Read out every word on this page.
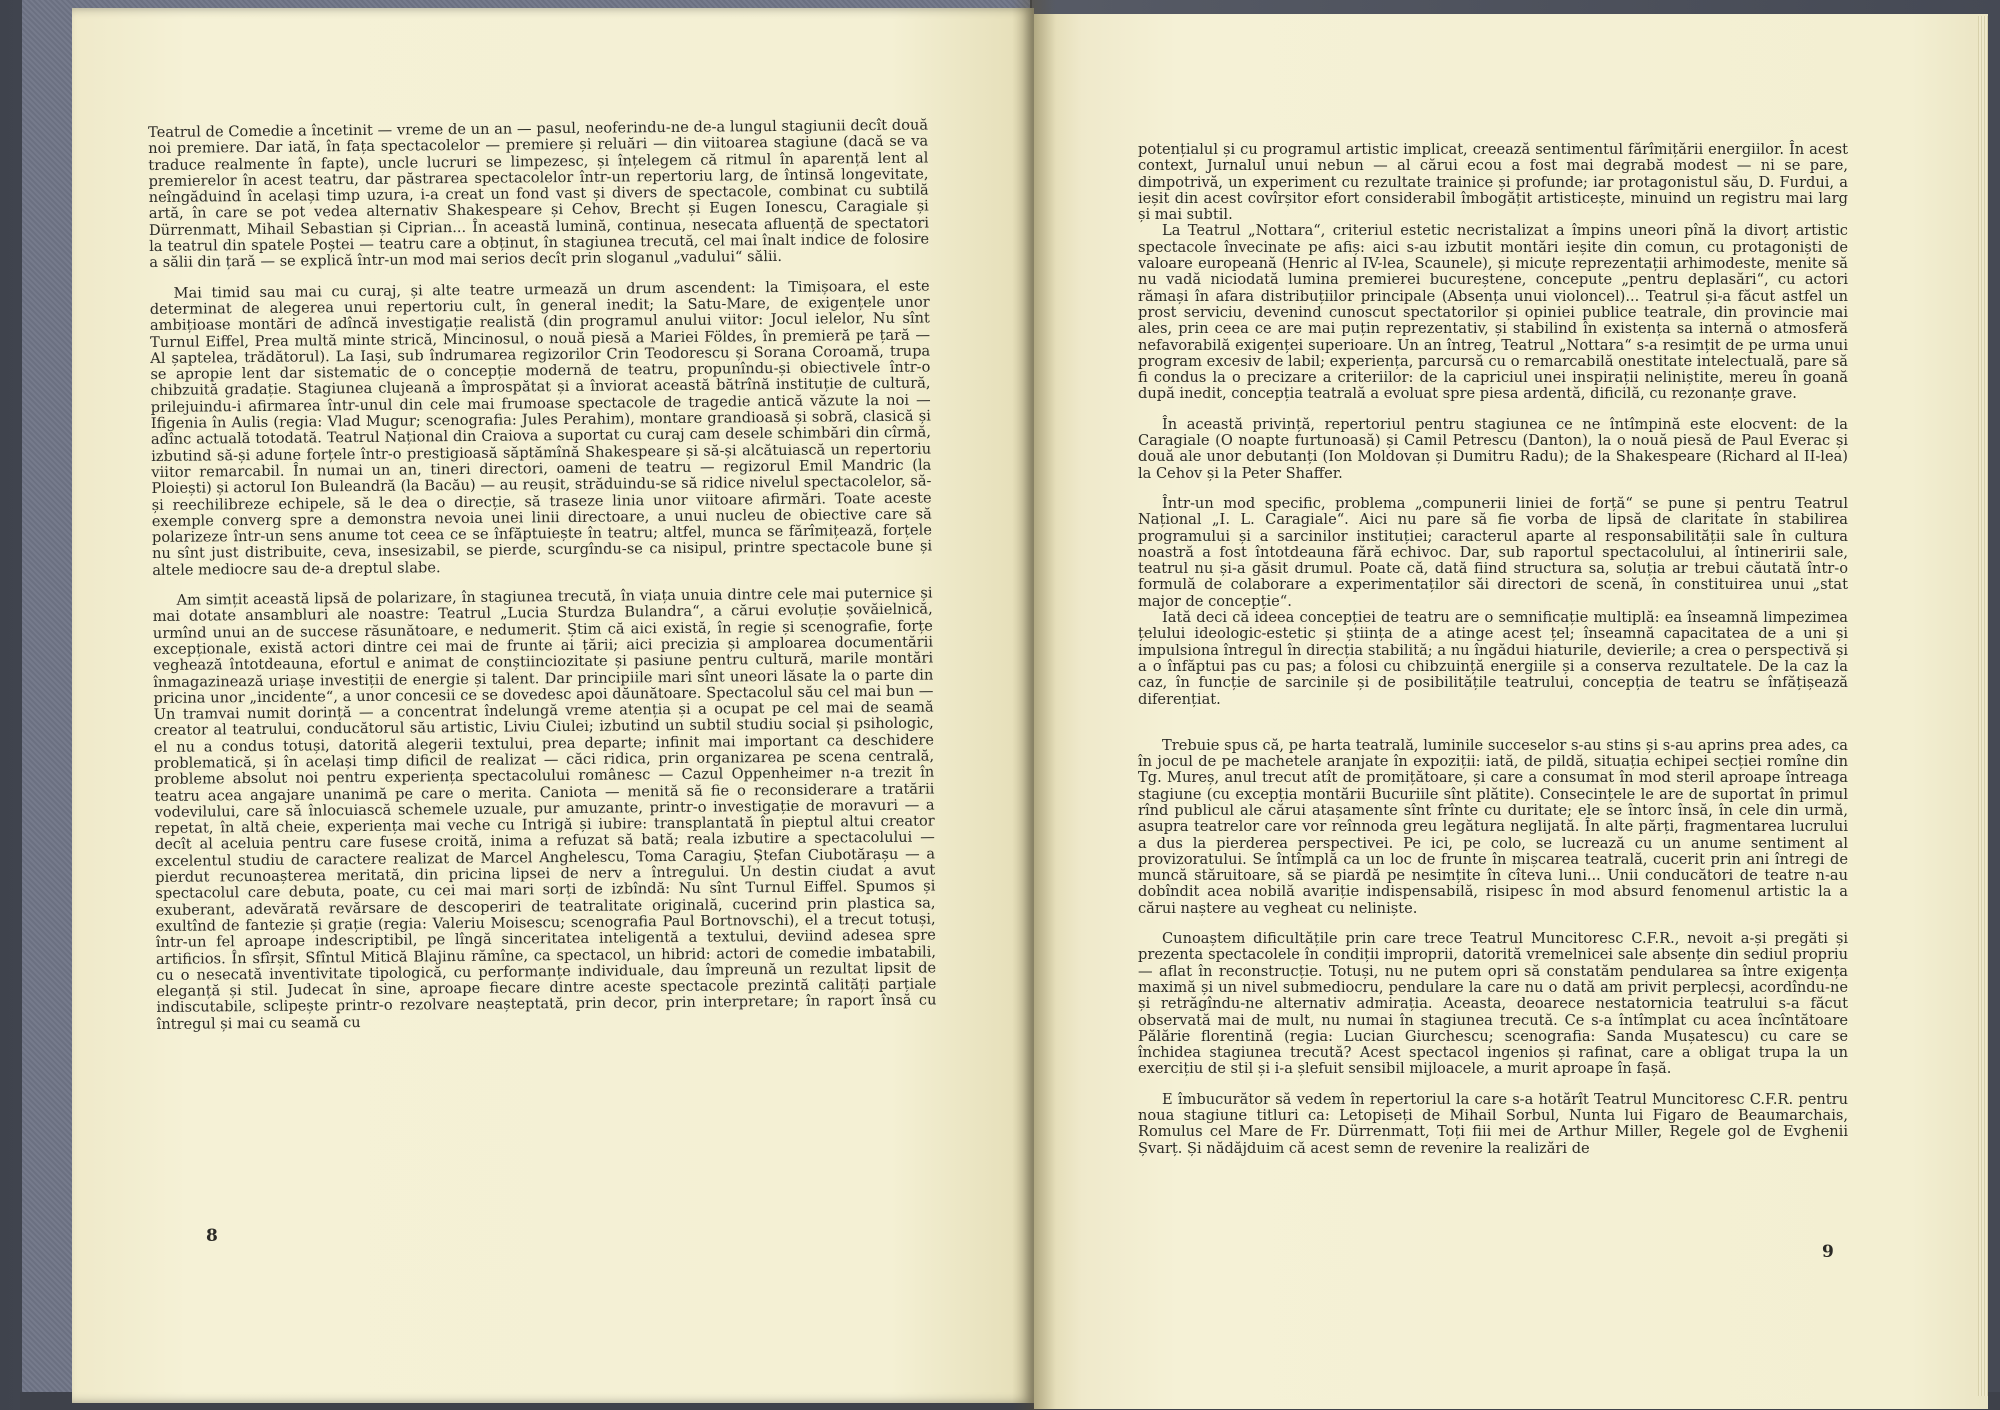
Teatrul de Comedie a încetinit — vreme de un an — pasul, neoferindu-ne de-a lungul stagiunii decît două noi premiere. Dar iată, în fața spectacolelor — premiere și reluări — din viitoarea stagiune (dacă se va traduce realmente în fapte), uncle lucruri se limpezesc, și înțelegem că ritmul în aparență lent al premierelor în acest teatru, dar păstrarea spectacolelor într-un repertoriu larg, de întinsă longevitate, neîngăduind în același timp uzura, i-a creat un fond vast și divers de spectacole, combinat cu subtilă artă, în care se pot vedea alternativ Shakespeare și Cehov, Brecht și Eugen Ionescu, Caragiale și Dürrenmatt, Mihail Sebastian și Ciprian... În această lumină, continua, nesecata afluență de spectatori la teatrul din spatele Poștei — teatru care a obținut, în stagiunea trecută, cel mai înalt indice de folosire a sălii din țară — se explică într-un mod mai serios decît prin sloganul „vadului“ sălii.

Mai timid sau mai cu curaj, și alte teatre urmează un drum ascendent: la Timișoara, el este determinat de alegerea unui repertoriu cult, în general inedit; la Satu-Mare, de exigențele unor ambițioase montări de adîncă investigație realistă (din programul anului viitor: Jocul ielelor, Nu sînt Turnul Eiffel, Prea multă minte strică, Mincinosul, o nouă piesă a Mariei Földes, în premieră pe țară — Al șaptelea, trădătorul). La Iași, sub îndrumarea regizorilor Crin Teodorescu și Sorana Coroamă, trupa se apropie lent dar sistematic de o concepție modernă de teatru, propunîndu-și obiectivele într-o chibzuită gradație. Stagiunea clujeană a împrospătat și a înviorat această bătrînă instituție de cultură, prilejuindu-i afirmarea într-unul din cele mai frumoase spectacole de tragedie antică văzute la noi — Ifigenia în Aulis (regia: Vlad Mugur; scenografia: Jules Perahim), montare grandioasă și sobră, clasică și adînc actuală totodată. Teatrul Național din Craiova a suportat cu curaj cam desele schimbări din cîrmă, izbutind să-și adune forțele într-o prestigioasă săptămînă Shakespeare și să-și alcătuiască un repertoriu viitor remarcabil. În numai un an, tineri directori, oameni de teatru — regizorul Emil Mandric (la Ploiești) și actorul Ion Buleandră (la Bacău) — au reușit, străduindu-se să ridice nivelul spectacolelor, să-și reechilibreze echipele, să le dea o direcție, să traseze linia unor viitoare afirmări. Toate aceste exemple converg spre a demonstra nevoia unei linii directoare, a unui nucleu de obiective care să polarizeze într-un sens anume tot ceea ce se înfăptuiește în teatru; altfel, munca se fărîmițează, forțele nu sînt just distribuite, ceva, insesizabil, se pierde, scurgîndu-se ca nisipul, printre spectacole bune și altele mediocre sau de-a dreptul slabe.

Am simțit această lipsă de polarizare, în stagiunea trecută, în viața unuia dintre cele mai puternice și mai dotate ansambluri ale noastre: Teatrul „Lucia Sturdza Bulandra“, a cărui evoluție șovăielnică, urmînd unui an de succese răsunătoare, e nedumerit. Știm că aici există, în regie și scenografie, forțe excepționale, există actori dintre cei mai de frunte ai țării; aici precizia și amploarea documentării veghează întotdeauna, efortul e animat de conștiinciozitate și pasiune pentru cultură, marile montări înmagazinează uriașe investiții de energie și talent. Dar principiile mari sînt uneori lăsate la o parte din pricina unor „incidente“, a unor concesii ce se dovedesc apoi dăunătoare. Spectacolul său cel mai bun — Un tramvai numit dorință — a concentrat îndelungă vreme atenția și a ocupat pe cel mai de seamă creator al teatrului, conducătorul său artistic, Liviu Ciulei; izbutind un subtil studiu social și psihologic, el nu a condus totuși, datorită alegerii textului, prea departe; infinit mai important ca deschidere problematică, și în același timp dificil de realizat — căci ridica, prin organizarea pe scena centrală, probleme absolut noi pentru experiența spectacolului românesc — Cazul Oppenheimer n-a trezit în teatru acea angajare unanimă pe care o merita. Caniota — menită să fie o reconsiderare a tratării vodevilului, care să înlocuiască schemele uzuale, pur amuzante, printr-o investigație de moravuri — a repetat, în altă cheie, experiența mai veche cu Intrigă și iubire: transplantată în pieptul altui creator decît al aceluia pentru care fusese croită, inima a refuzat să bată; reala izbutire a spectacolului — excelentul studiu de caractere realizat de Marcel Anghelescu, Toma Caragiu, Ștefan Ciubotărașu — a pierdut recunoașterea meritată, din pricina lipsei de nerv a întregului. Un destin ciudat a avut spectacolul care debuta, poate, cu cei mai mari sorți de izbîndă: Nu sînt Turnul Eiffel. Spumos și exuberant, adevărată revărsare de descoperiri de teatralitate originală, cucerind prin plastica sa, exultînd de fantezie și grație (regia: Valeriu Moisescu; scenografia Paul Bortnovschi), el a trecut totuși, într-un fel aproape indescriptibil, pe lîngă sinceritatea inteligentă a textului, deviind adesea spre artificios. În sfîrșit, Sfîntul Mitică Blajinu rămîne, ca spectacol, un hibrid: actori de comedie imbatabili, cu o nesecată inventivitate tipologică, cu performanțe individuale, dau împreună un rezultat lipsit de eleganță și stil. Judecat în sine, aproape fiecare dintre aceste spectacole prezintă calități parțiale indiscutabile, sclipește printr-o rezolvare neașteptată, prin decor, prin interpretare; în raport însă cu întregul și mai cu seamă cu

8

potențialul și cu programul artistic implicat, creează sentimentul fărîmițării energiilor. În acest context, Jurnalul unui nebun — al cărui ecou a fost mai degrabă modest — ni se pare, dimpotrivă, un experiment cu rezultate trainice și profunde; iar protagonistul său, D. Furdui, a ieșit din acest covîrșitor efort considerabil îmbogățit artisticește, minuind un registru mai larg și mai subtil.

La Teatrul „Nottara“, criteriul estetic necristalizat a împins uneori pînă la divorț artistic spectacole învecinate pe afiș: aici s-au izbutit montări ieșite din comun, cu protagoniști de valoare europeană (Henric al IV-lea, Scaunele), și micuțe reprezentații arhimodeste, menite să nu vadă niciodată lumina premierei bucureștene, concepute „pentru deplasări“, cu actori rămași în afara distribuțiilor principale (Absența unui violoncel)... Teatrul și-a făcut astfel un prost serviciu, devenind cunoscut spectatorilor și opiniei publice teatrale, din provincie mai ales, prin ceea ce are mai puțin reprezentativ, și stabilind în existența sa internă o atmosferă nefavorabilă exigenței superioare. Un an întreg, Teatrul „Nottara“ s-a resimțit de pe urma unui program excesiv de labil; experiența, parcursă cu o remarcabilă onestitate intelectuală, pare să fi condus la o precizare a criteriilor: de la capriciul unei inspirații neliniștite, mereu în goană după inedit, concepția teatrală a evoluat spre piesa ardentă, dificilă, cu rezonanțe grave.

În această privință, repertoriul pentru stagiunea ce ne întîmpină este elocvent: de la Caragiale (O noapte furtunoasă) și Camil Petrescu (Danton), la o nouă piesă de Paul Everac și două ale unor debutanți (Ion Moldovan și Dumitru Radu); de la Shakespeare (Richard al II-lea) la Cehov și la Peter Shaffer.

Într-un mod specific, problema „compunerii liniei de forță“ se pune și pentru Teatrul Național „I. L. Caragiale“. Aici nu pare să fie vorba de lipsă de claritate în stabilirea programului și a sarcinilor instituției; caracterul aparte al responsabilității sale în cultura noastră a fost întotdeauna fără echivoc. Dar, sub raportul spectacolului, al întineririi sale, teatrul nu și-a găsit drumul. Poate că, dată fiind structura sa, soluția ar trebui căutată într-o formulă de colaborare a experimentaților săi directori de scenă, în constituirea unui „stat major de concepție“.

Iată deci că ideea concepției de teatru are o semnificație multiplă: ea înseamnă limpezimea țelului ideologic-estetic și știința de a atinge acest țel; înseamnă capacitatea de a uni și impulsiona întregul în direcția stabilită; a nu îngădui hiaturile, devierile; a crea o perspectivă și a o înfăptui pas cu pas; a folosi cu chibzuință energiile și a conserva rezultatele. De la caz la caz, în funcție de sarcinile și de posibilitățile teatrului, concepția de teatru se înfățișează diferențiat.

Trebuie spus că, pe harta teatrală, luminile succeselor s-au stins și s-au aprins prea ades, ca în jocul de pe machetele aranjate în expoziții: iată, de pildă, situația echipei secției romîne din Tg. Mureș, anul trecut atît de promițătoare, și care a consumat în mod steril aproape întreaga stagiune (cu excepția montării Bucuriile sînt plătite). Consecințele le are de suportat în primul rînd publicul ale cărui atașamente sînt frînte cu duritate; ele se întorc însă, în cele din urmă, asupra teatrelor care vor reînnoda greu legătura neglijată. În alte părți, fragmentarea lucrului a dus la pierderea perspectivei. Pe ici, pe colo, se lucrează cu un anume sentiment al provizoratului. Se întîmplă ca un loc de frunte în mișcarea teatrală, cucerit prin ani întregi de muncă stăruitoare, să se piardă pe nesimțite în cîteva luni... Unii conducători de teatre n-au dobîndit acea nobilă avariție indispensabilă, risipesc în mod absurd fenomenul artistic la a cărui naștere au vegheat cu neliniște.

Cunoaștem dificultățile prin care trece Teatrul Muncitoresc C.F.R., nevoit a-și pregăti și prezenta spectacolele în condiții improprii, datorită vremelnicei sale absențe din sediul propriu — aflat în reconstrucție. Totuși, nu ne putem opri să constatăm pendularea sa între exigența maximă și un nivel submediocru, pendulare la care nu o dată am privit perplecși, acordîndu-ne și retrăgîndu-ne alternativ admirația. Aceasta, deoarece nestatornicia teatrului s-a făcut observată mai de mult, nu numai în stagiunea trecută. Ce s-a întîmplat cu acea încîntătoare Pălărie florentină (regia: Lucian Giurchescu; scenografia: Sanda Mușatescu) cu care se închidea stagiunea trecută? Acest spectacol ingenios și rafinat, care a obligat trupa la un exercițiu de stil și i-a șlefuit sensibil mijloacele, a murit aproape în fașă.

E îmbucurător să vedem în repertoriul la care s-a hotărît Teatrul Muncitoresc C.F.R. pentru noua stagiune titluri ca: Letopiseți de Mihail Sorbul, Nunta lui Figaro de Beaumarchais, Romulus cel Mare de Fr. Dürrenmatt, Toți fiii mei de Arthur Miller, Regele gol de Evghenii Șvarț. Și nădăjduim că acest semn de revenire la realizări de

9
